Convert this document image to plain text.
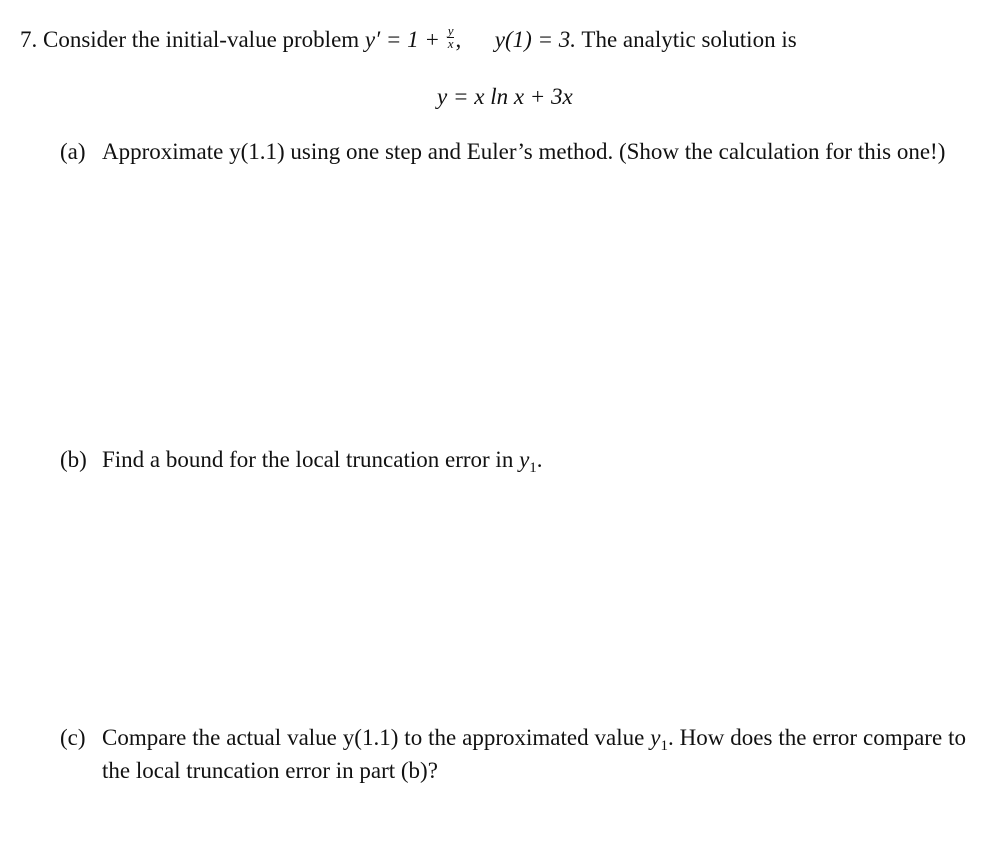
7. Consider the initial-value problem $y' = 1 + \frac{y}{x}$ , y(1) = 3. The analytic solution is
y = x ln x + 3x
(a) Approximate y(1.1) using one step and Euler’s method. (Show the calculation for this one!)
(b) Find a bound for the local truncation error in $y_1$.
(c) Compare the actual value y(1.1) to the approximated value $y_1$. How does the error compare to the local truncation error in part (b)?
